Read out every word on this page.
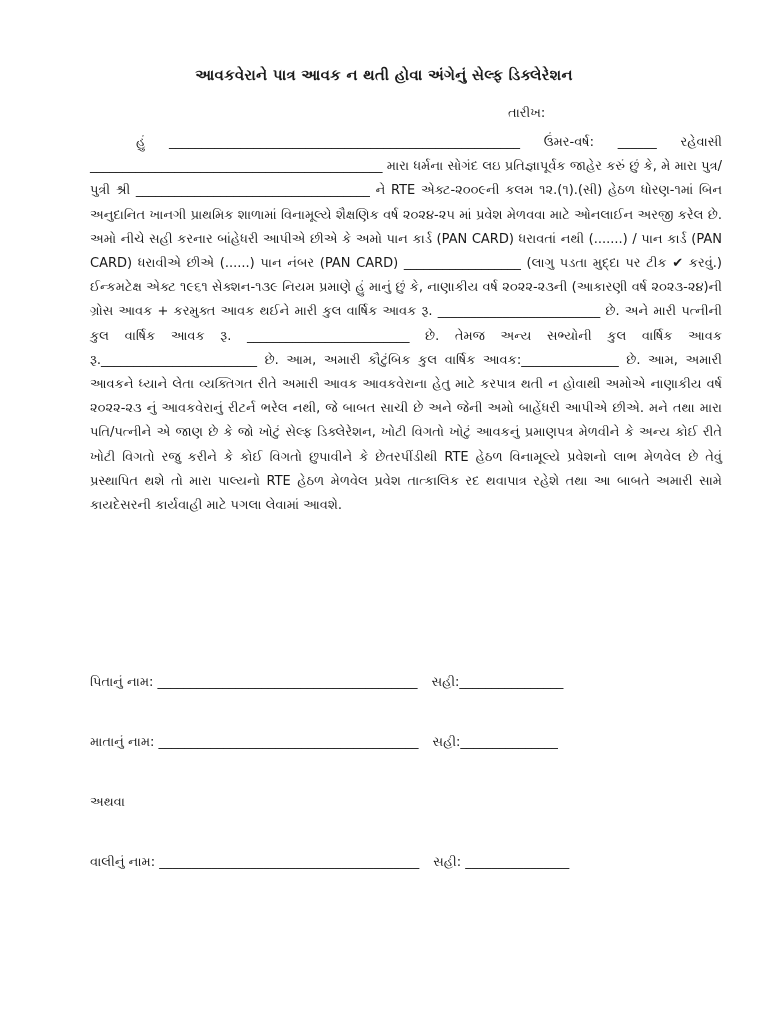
આવકવેરાને પાત્ર આવક ન થતી હોવા અંગેનું સેલ્ફ ડિક્લેરેશન
તારીખ:

હું ______________________________________________________ ઉંમર-વર્ષ: ______ રહેવાસી _____________________________________________ મારા ધર્મના સોગંદ લઇ પ્રતિજ્ઞાપૂર્વક જાહેર કરું છું કે, મે મારા પુત્ર/પુત્રી શ્રી ____________________________________ ને RTE એક્ટ-૨૦૦૯ની કલમ ૧૨.(૧).(સી) હેઠળ ધોરણ-૧માં બિન અનુદાનિત ખાનગી પ્રાથમિક શાળામાં વિનામૂલ્યે શૈક્ષણિક વર્ષ ૨૦૨૪-૨૫ માં પ્રવેશ મેળવવા માટે ઓનલાઈન અરજી કરેલ છે. અમો નીચે સહી કરનાર બાંહેધરી આપીએ છીએ કે અમો પાન કાર્ડ (PAN CARD) ધરાવતાં નથી (.......) / પાન કાર્ડ (PAN CARD) ધરાવીએ છીએ (......) પાન નંબર (PAN CARD) __________________ (લાગુ પડતા મુદ્દા પર ટીક ✔ કરવું.) ઈન્કમટેક્ષ એક્ટ ૧૯૬૧ સેક્શન-૧૩૯ નિયમ પ્રમાણે હું માનું છું કે, નાણાકીય વર્ષ ૨૦૨૨-૨૩ની (આકારણી વર્ષ ૨૦૨૩-૨૪)ની ગ્રોસ આવક + કરમુક્ત આવક થઈને મારી કુલ વાર્ષિક આવક રૂ. _________________________ છે. અને મારી પત્નીની કુલ વાર્ષિક આવક રૂ. _________________________ છે. તેમજ અન્ય સભ્યોની કુલ વાર્ષિક આવક રૂ.________________________ છે. આમ, અમારી કૌટુંબિક કુલ વાર્ષિક આવક:_______________ છે. આમ, અમારી આવકને ધ્યાને લેતા વ્યક્તિગત રીતે અમારી આવક આવકવેરાના હેતુ માટે કરપાત્ર થતી ન હોવાથી અમોએ નાણાકીય વર્ષ ૨૦૨૨-૨૩ નું આવકવેરાનું રીટર્ન ભરેલ નથી, જે બાબત સાચી છે અને જેની અમો બાહેંધરી આપીએ છીએ. મને તથા મારા પતિ/પત્નીને એ જાણ છે કે જો ખોટું સેલ્ફ ડિક્લેરેશન, ખોટી વિગતો ખોટું આવકનું પ્રમાણપત્ર મેળવીને કે અન્ય કોઈ રીતે ખોટી વિગતો રજુ કરીને કે કોઈ વિગતો છુપાવીને કે છેતરપીંડીથી RTE હેઠળ વિનામૂલ્યે પ્રવેશનો લાભ મેળવેલ છે તેવું પ્રસ્થાપિત થશે તો મારા પાલ્યનો RTE હેઠળ મેળવેલ પ્રવેશ તાત્કાલિક રદ થવાપાત્ર રહેશે તથા આ બાબતે અમારી સામે કાયદેસરની કાર્યવાહી માટે પગલા લેવામાં આવશે.

પિતાનું નામ: ________________________________________ સહી:________________
માતાનું નામ: ________________________________________ સહી:_______________
અથવા
વાલીનું નામ: ________________________________________ સહી: ________________
